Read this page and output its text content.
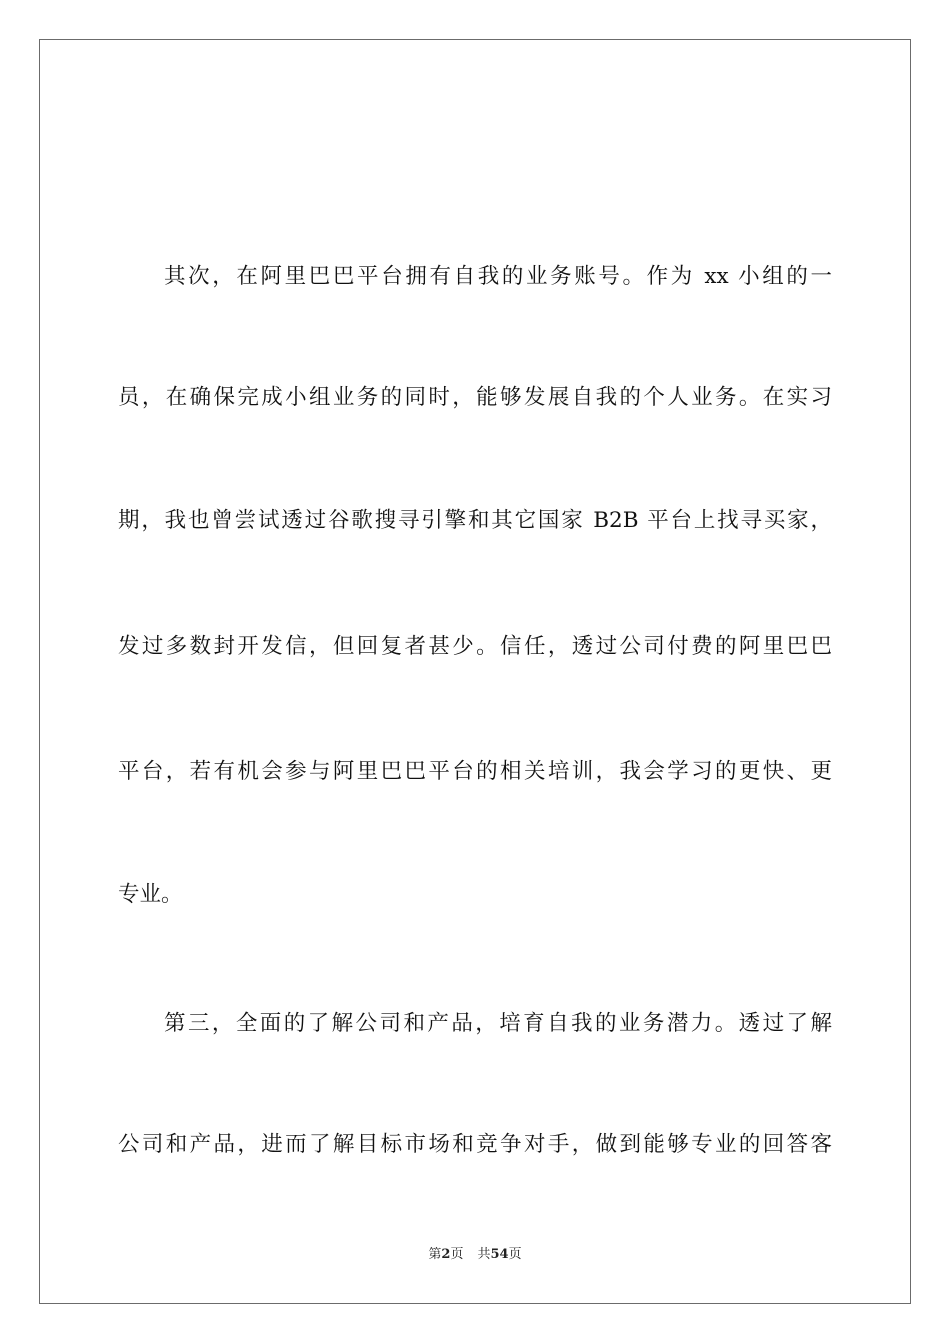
其次，在阿里巴巴平台拥有自我的业务账号。作为 xx 小组的一
员，在确保完成小组业务的同时，能够发展自我的个人业务。在实习
期，我也曾尝试透过谷歌搜寻引擎和其它国家 B2B 平台上找寻买家，
发过多数封开发信，但回复者甚少。信任，透过公司付费的阿里巴巴
平台，若有机会参与阿里巴巴平台的相关培训，我会学习的更快、更
专业。
第三，全面的了解公司和产品，培育自我的业务潜力。透过了解
公司和产品，进而了解目标市场和竞争对手，做到能够专业的回答客
第2页 共54页
